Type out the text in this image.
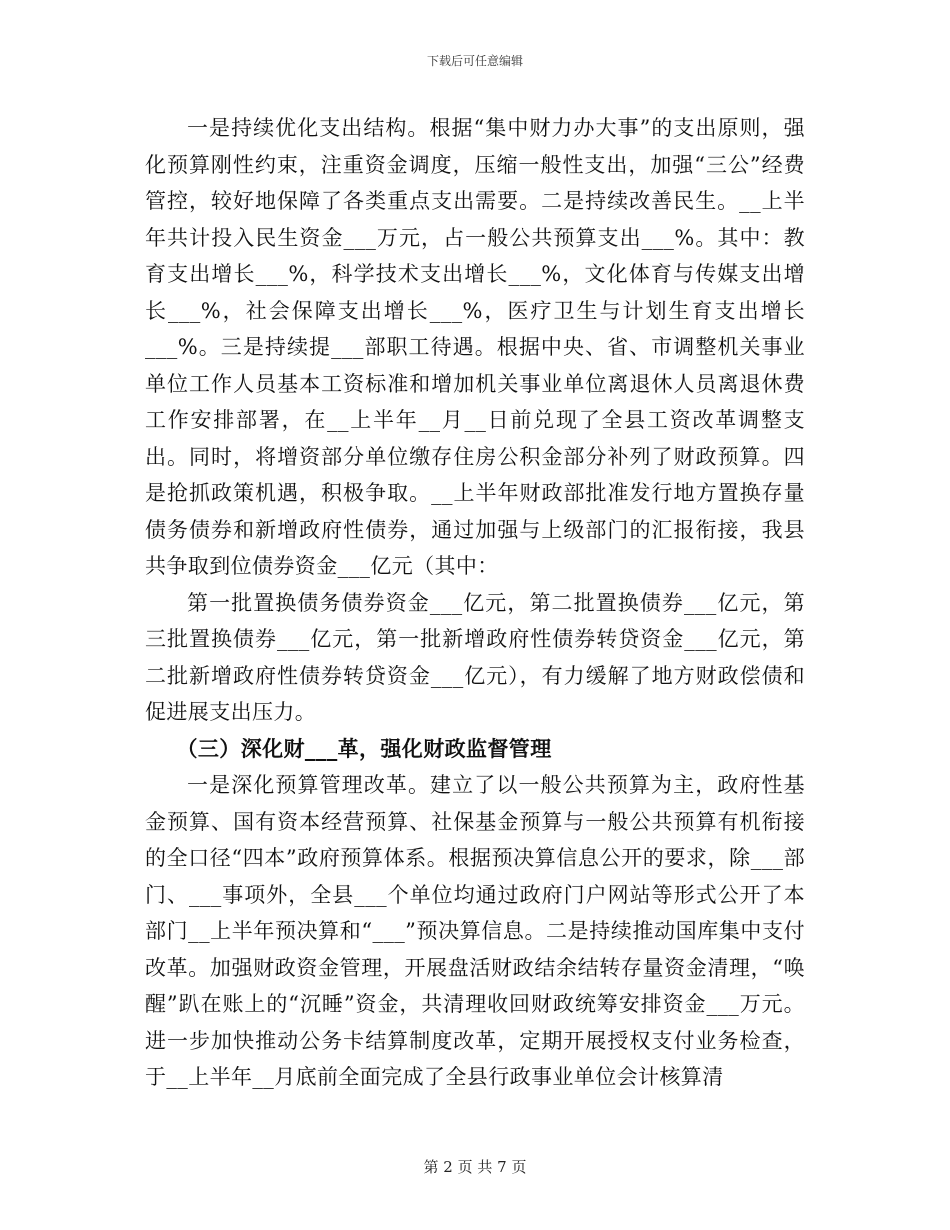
下载后可任意编辑

一是持续优化支出结构。根据“集中财力办大事”的支出原则，强化预算刚性约束，注重资金调度，压缩一般性支出，加强“三公”经费管控，较好地保障了各类重点支出需要。二是持续改善民生。__上半年共计投入民生资金___万元，占一般公共预算支出___%。其中：教育支出增长___%，科学技术支出增长___%，文化体育与传媒支出增长___%，社会保障支出增长___%，医疗卫生与计划生育支出增长___%。三是持续提___部职工待遇。根据中央、省、市调整机关事业单位工作人员基本工资标准和增加机关事业单位离退休人员离退休费工作安排部署，在__上半年__月__日前兑现了全县工资改革调整支出。同时，将增资部分单位缴存住房公积金部分补列了财政预算。四是抢抓政策机遇，积极争取。__上半年财政部批准发行地方置换存量债务债券和新增政府性债券，通过加强与上级部门的汇报衔接，我县共争取到位债券资金___亿元（其中：

第一批置换债务债券资金___亿元，第二批置换债券___亿元，第三批置换债券___亿元，第一批新增政府性债券转贷资金___亿元，第二批新增政府性债券转贷资金___亿元），有力缓解了地方财政偿债和促进展支出压力。

（三）深化财___革，强化财政监督管理

一是深化预算管理改革。建立了以一般公共预算为主，政府性基金预算、国有资本经营预算、社保基金预算与一般公共预算有机衔接的全口径“四本”政府预算体系。根据预决算信息公开的要求，除___部门、___事项外，全县___个单位均通过政府门户网站等形式公开了本部门__上半年预决算和“___”预决算信息。二是持续推动国库集中支付改革。加强财政资金管理，开展盘活财政结余结转存量资金清理，“唤醒”趴在账上的“沉睡”资金，共清理收回财政统筹安排资金___万元。进一步加快推动公务卡结算制度改革，定期开展授权支付业务检查，于__上半年__月底前全面完成了全县行政事业单位会计核算清

第 2 页 共 7 页
